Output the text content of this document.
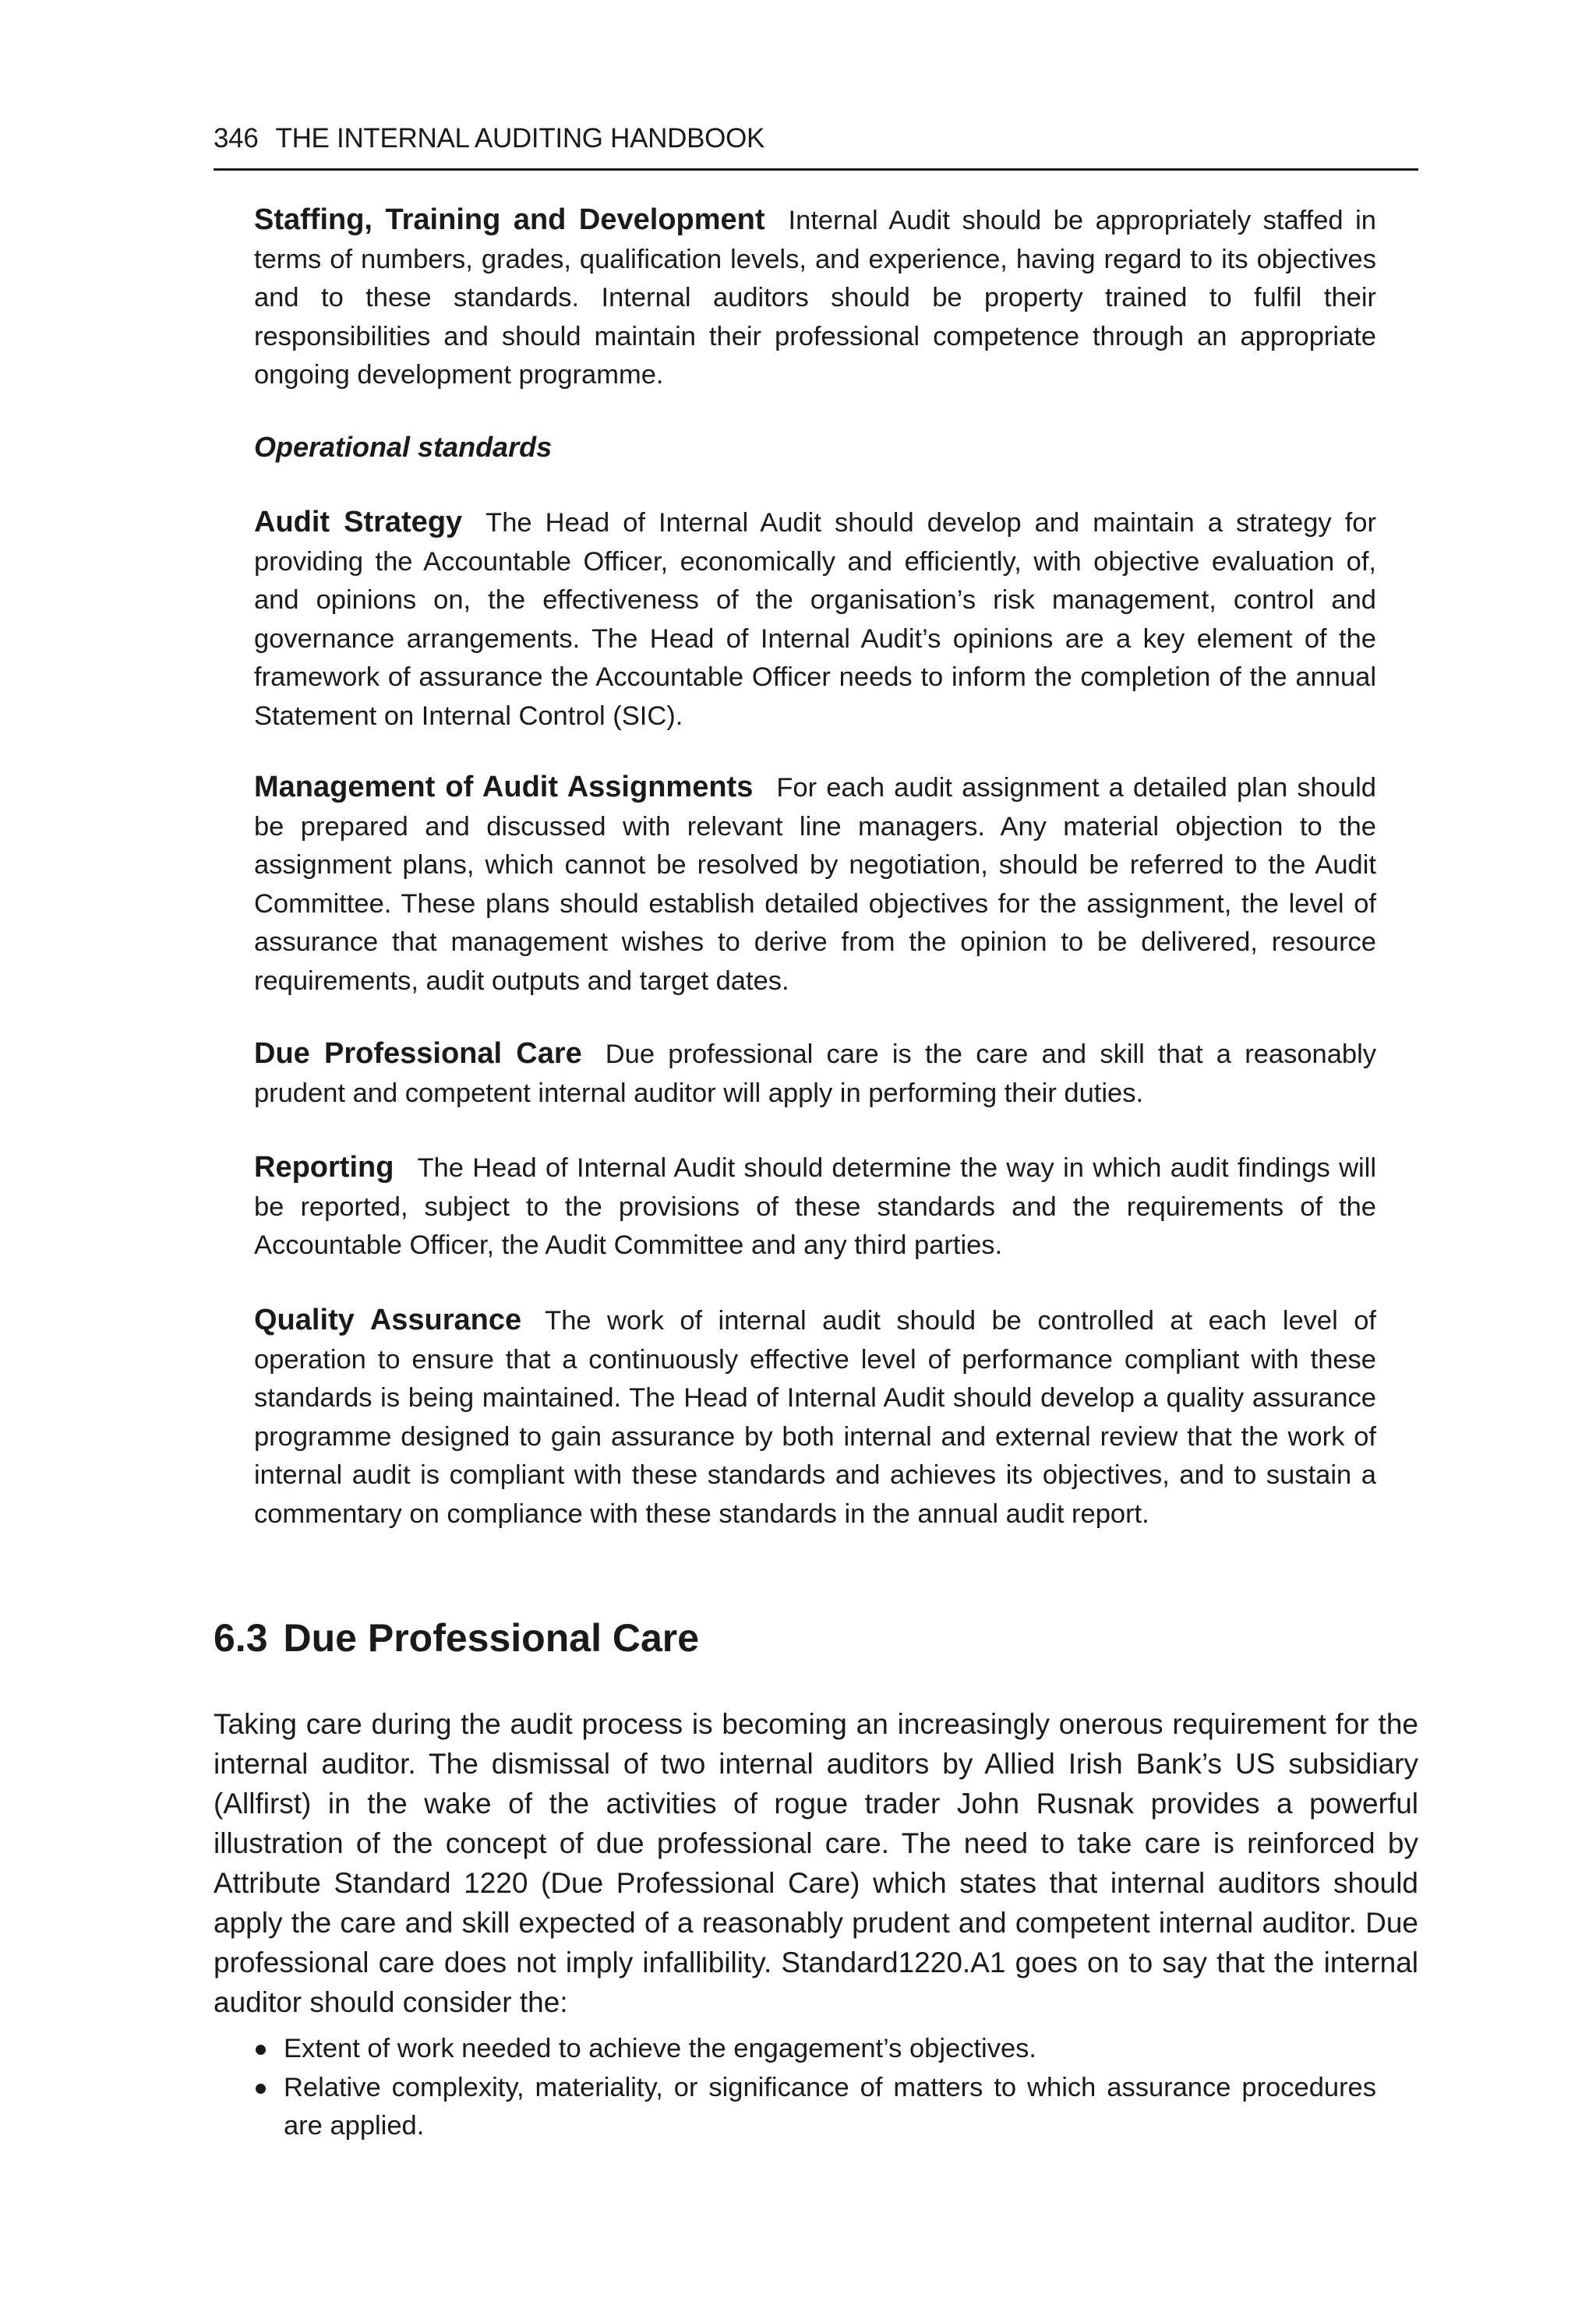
346 THE INTERNAL AUDITING HANDBOOK
Staffing, Training and Development Internal Audit should be appropriately staffed in terms of numbers, grades, qualification levels, and experience, having regard to its objectives and to these standards. Internal auditors should be property trained to fulfil their responsibilities and should maintain their professional competence through an appropriate ongoing development programme.
Operational standards
Audit Strategy The Head of Internal Audit should develop and maintain a strategy for providing the Accountable Officer, economically and efficiently, with objective evaluation of, and opinions on, the effectiveness of the organisation’s risk management, control and governance arrangements. The Head of Internal Audit’s opinions are a key element of the framework of assurance the Accountable Officer needs to inform the completion of the annual Statement on Internal Control (SIC).
Management of Audit Assignments For each audit assignment a detailed plan should be prepared and discussed with relevant line managers. Any material objection to the assignment plans, which cannot be resolved by negotiation, should be referred to the Audit Committee. These plans should establish detailed objectives for the assignment, the level of assurance that management wishes to derive from the opinion to be delivered, resource requirements, audit outputs and target dates.
Due Professional Care Due professional care is the care and skill that a reasonably prudent and competent internal auditor will apply in performing their duties.
Reporting The Head of Internal Audit should determine the way in which audit findings will be reported, subject to the provisions of these standards and the requirements of the Accountable Officer, the Audit Committee and any third parties.
Quality Assurance The work of internal audit should be controlled at each level of operation to ensure that a continuously effective level of performance compliant with these standards is being maintained. The Head of Internal Audit should develop a quality assurance programme designed to gain assurance by both internal and external review that the work of internal audit is compliant with these standards and achieves its objectives, and to sustain a commentary on compliance with these standards in the annual audit report.
6.3 Due Professional Care
Taking care during the audit process is becoming an increasingly onerous requirement for the internal auditor. The dismissal of two internal auditors by Allied Irish Bank’s US subsidiary (Allfirst) in the wake of the activities of rogue trader John Rusnak provides a powerful illustration of the concept of due professional care. The need to take care is reinforced by Attribute Standard 1220 (Due Professional Care) which states that internal auditors should apply the care and skill expected of a reasonably prudent and competent internal auditor. Due professional care does not imply infallibility. Standard1220.A1 goes on to say that the internal auditor should consider the:
Extent of work needed to achieve the engagement’s objectives.
Relative complexity, materiality, or significance of matters to which assurance procedures are applied.
